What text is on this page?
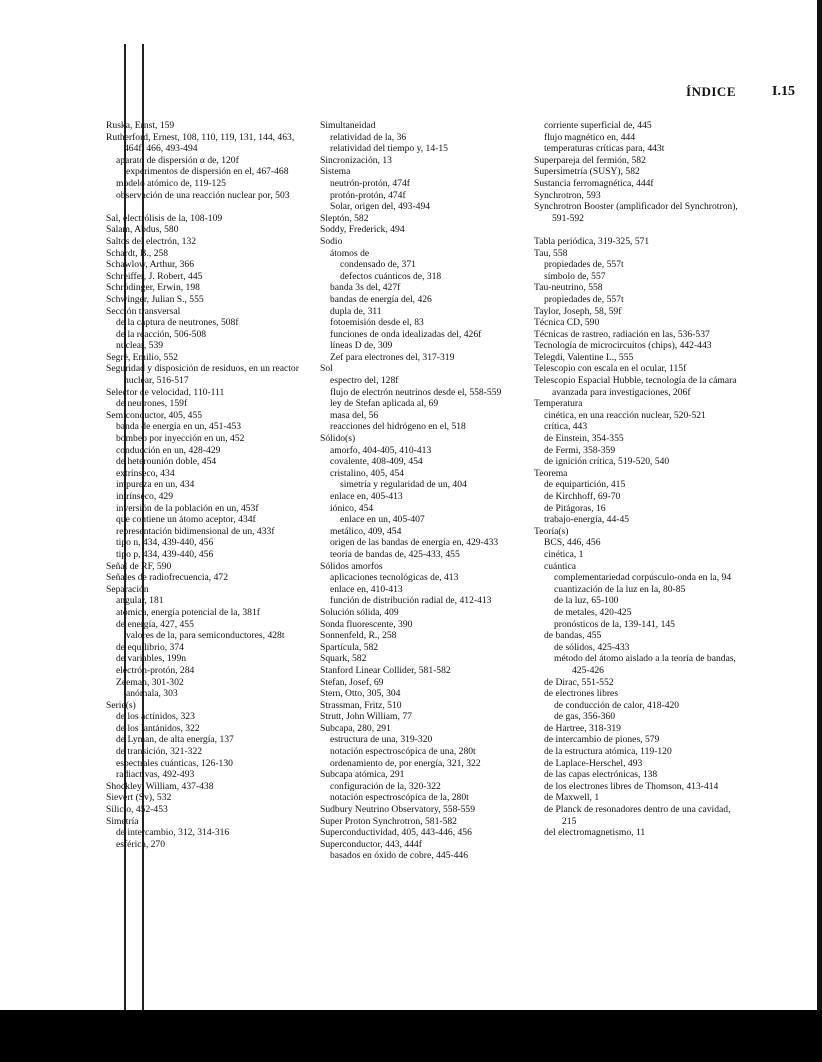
ÍNDICE	I.15

Ruska, Ernst, 159

Rutherford, Ernest, 108, 110, 119, 131, 144, 463, 464f, 466, 493-494

aparato de dispersión α de, 120f

experimentos de dispersión en el, 467-468

modelo atómico de, 119-125

observación de una reacción nuclear por, 503

Sal, electrólisis de la, 108-109

Salam, Abdus, 580

Saltos del electrón, 132

Schardt, B., 258

Schawlow, Arthur, 366

Schreiffer, J. Robert, 445

Schrödinger, Erwin, 198

Schwinger, Julian S., 555

Sección transversal

de la captura de neutrones, 508f

de la reacción, 506-508

nuclear, 539

Segrè, Emilio, 552

Seguridad y disposición de residuos, en un reactor nuclear, 516-517

Selector de velocidad, 110-111

de neutrones, 159f

Semiconductor, 405, 455

banda de energía en un, 451-453

bombeo por inyección en un, 452

conducción en un, 428-429

de heterounión doble, 454

extrínseco, 434

impureza en un, 434

intrínseco, 429

inversión de la población en un, 453f

que contiene un átomo aceptor, 434f

representación bidimensional de un, 433f

tipo n, 434, 439-440, 456

tipo p, 434, 439-440, 456

Señal de RF, 590

Señales de radiofrecuencia, 472

Separación

angular, 181

atómica, energía potencial de la, 381f

de energía, 427, 455

valores de la, para semiconductores, 428t

de equilibrio, 374

de variables, 199n

electrón-protón, 284

Zeeman, 301-302

anómala, 303

Serie(s)

de los actínidos, 323

de los lantánidos, 322

de Lyman, de alta energía, 137

de transición, 321-322

espectrales cuánticas, 126-130

radiactivas, 492-493

Shockley, William, 437-438

Sievert (Sv), 532

Silicio, 452-453

Simetría

de intercambio, 312, 314-316

esférica, 270

Simultaneidad

relatividad de la, 36

relatividad del tiempo y, 14-15

Sincronización, 13

Sistema

neutrón-protón, 474f

protón-protón, 474f

Solar, origen del, 493-494

Sleptón, 582

Soddy, Frederick, 494

Sodio

átomos de

condensado de, 371

defectos cuánticos de, 318

banda 3s del, 427f

bandas de energía del, 426

dupla de, 311

fotoemisión desde el, 83

funciones de onda idealizadas del, 426f

líneas D de, 309

Zef para electrones del, 317-319

Sol

espectro del, 128f

flujo de electrón neutrinos desde el, 558-559

ley de Stefan aplicada al, 69

masa del, 56

reacciones del hidrógeno en el, 518

Sólido(s)

amorfo, 404-405, 410-413

covalente, 408-409, 454

cristalino, 405, 454

simetría y regularidad de un, 404

enlace en, 405-413

iónico, 454

enlace en un, 405-407

metálico, 409, 454

origen de las bandas de energía en, 429-433

teoría de bandas de, 425-433, 455

Sólidos amorfos

aplicaciones tecnológicas de, 413

enlace en, 410-413

función de distribución radial de, 412-413

Solución sólida, 409

Sonda fluorescente, 390

Sonnenfeld, R., 258

Spartícula, 582

Squark, 582

Stanford Linear Collider, 581-582

Stefan, Josef, 69

Stern, Otto, 305, 304

Strassman, Fritz, 510

Strutt, John William, 77

Subcapa, 280, 291

estructura de una, 319-320

notación espectroscópica de una, 280t

ordenamiento de, por energía, 321, 322

Subcapa atómica, 291

configuración de la, 320-322

notación espectroscópica de la, 280t

Sudbury Neutrino Observatory, 558-559

Super Proton Synchrotron, 581-582

Superconductividad, 405, 443-446, 456

Superconductor, 443, 444f

basados en óxido de cobre, 445-446

corriente superficial de, 445

flujo magnético en, 444

temperaturas críticas para, 443t

Superpareja del fermión, 582

Supersimetría (SUSY), 582

Sustancia ferromagnética, 444f

Synchrotron, 593

Synchrotron Booster (amplificador del Synchrotron), 591-592

Tabla periódica, 319-325, 571

Tau, 558

propiedades de, 557t

símbolo de, 557

Tau-neutrino, 558

propiedades de, 557t

Taylor, Joseph, 58, 59f

Técnica CD, 590

Técnicas de rastreo, radiación en las, 536-537

Tecnología de microcircuitos (chips), 442-443

Telegdi, Valentine L., 555

Telescopio con escala en el ocular, 115f

Telescopio Espacial Hubble, tecnología de la cámara avanzada para investigaciones, 206f

Temperatura

cinética, en una reacción nuclear, 520-521

crítica, 443

de Einstein, 354-355

de Fermi, 358-359

de ignición crítica, 519-520, 540

Teorema

de equipartición, 415

de Kirchhoff, 69-70

de Pitágoras, 16

trabajo-energía, 44-45

Teoría(s)

BCS, 446, 456

cinética, 1

cuántica

complementariedad corpúsculo-onda en la, 94

cuantización de la luz en la, 80-85

de la luz, 65-100

de metales, 420-425

pronósticos de la, 139-141, 145

de bandas, 455

de sólidos, 425-433

método del átomo aislado a la teoría de bandas, 425-426

de Dirac, 551-552

de electrones libres

de conducción de calor, 418-420

de gas, 356-360

de Hartree, 318-319

de intercambio de piones, 579

de la estructura atómica, 119-120

de Laplace-Herschel, 493

de las capas electrónicas, 138

de los electrones libres de Thomson, 413-414

de Maxwell, 1

de Planck de resonadores dentro de una cavidad, 215

del electromagnetismo, 11
